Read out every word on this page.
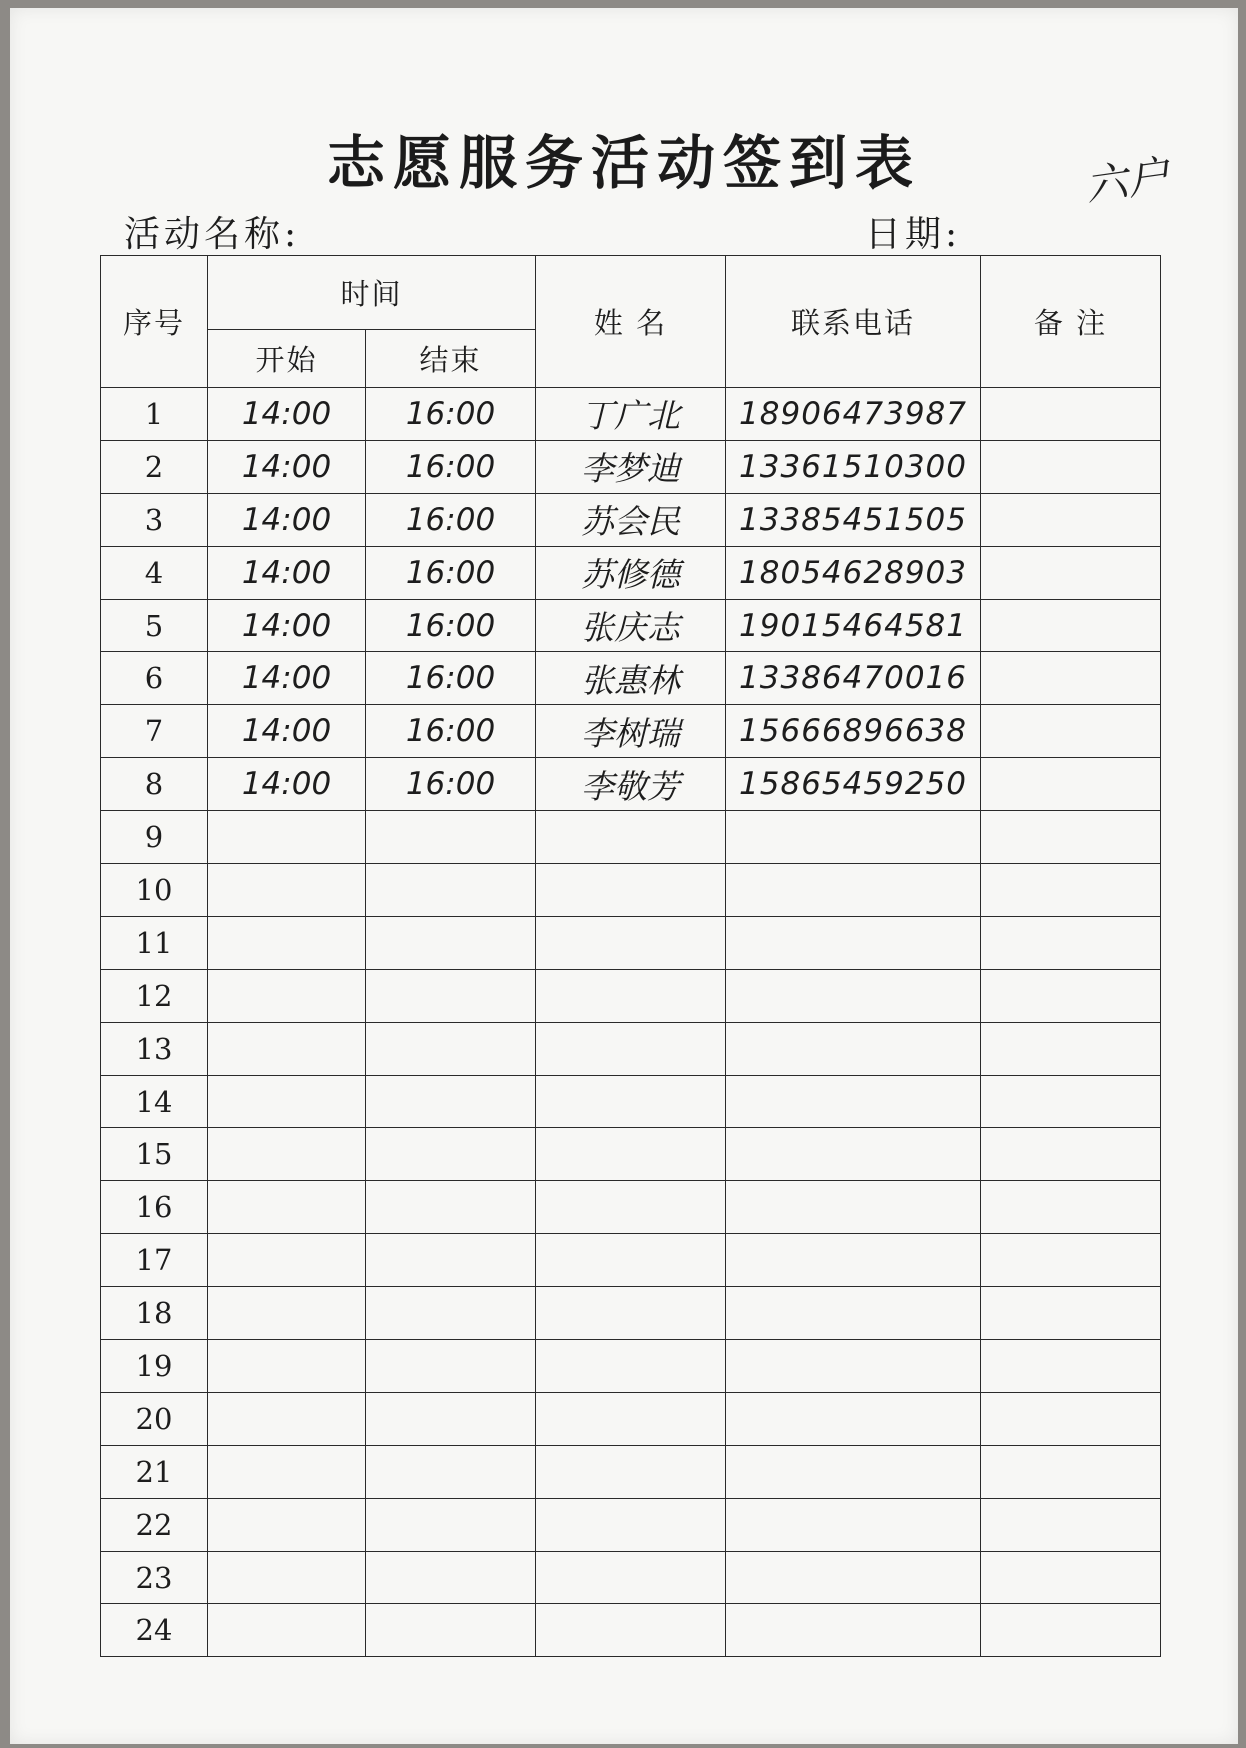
志愿服务活动签到表	六户
活动名称:	日期:
序号	时间		姓 名	联系电话	备 注
	开始	结束			
1	14:00	16:00	丁广北	18906473987	
2	14:00	16:00	李梦迪	13361510300	
3	14:00	16:00	苏会民	13385451505	
4	14:00	16:00	苏修德	18054628903	
5	14:00	16:00	张庆志	19015464581	
6	14:00	16:00	张惠林	13386470016	
7	14:00	16:00	李树瑞	15666896638	
8	14:00	16:00	李敬芳	15865459250	
9					
10					
11					
12					
13					
14					
15					
16					
17					
18					
19					
20					
21					
22					
23					
24					
